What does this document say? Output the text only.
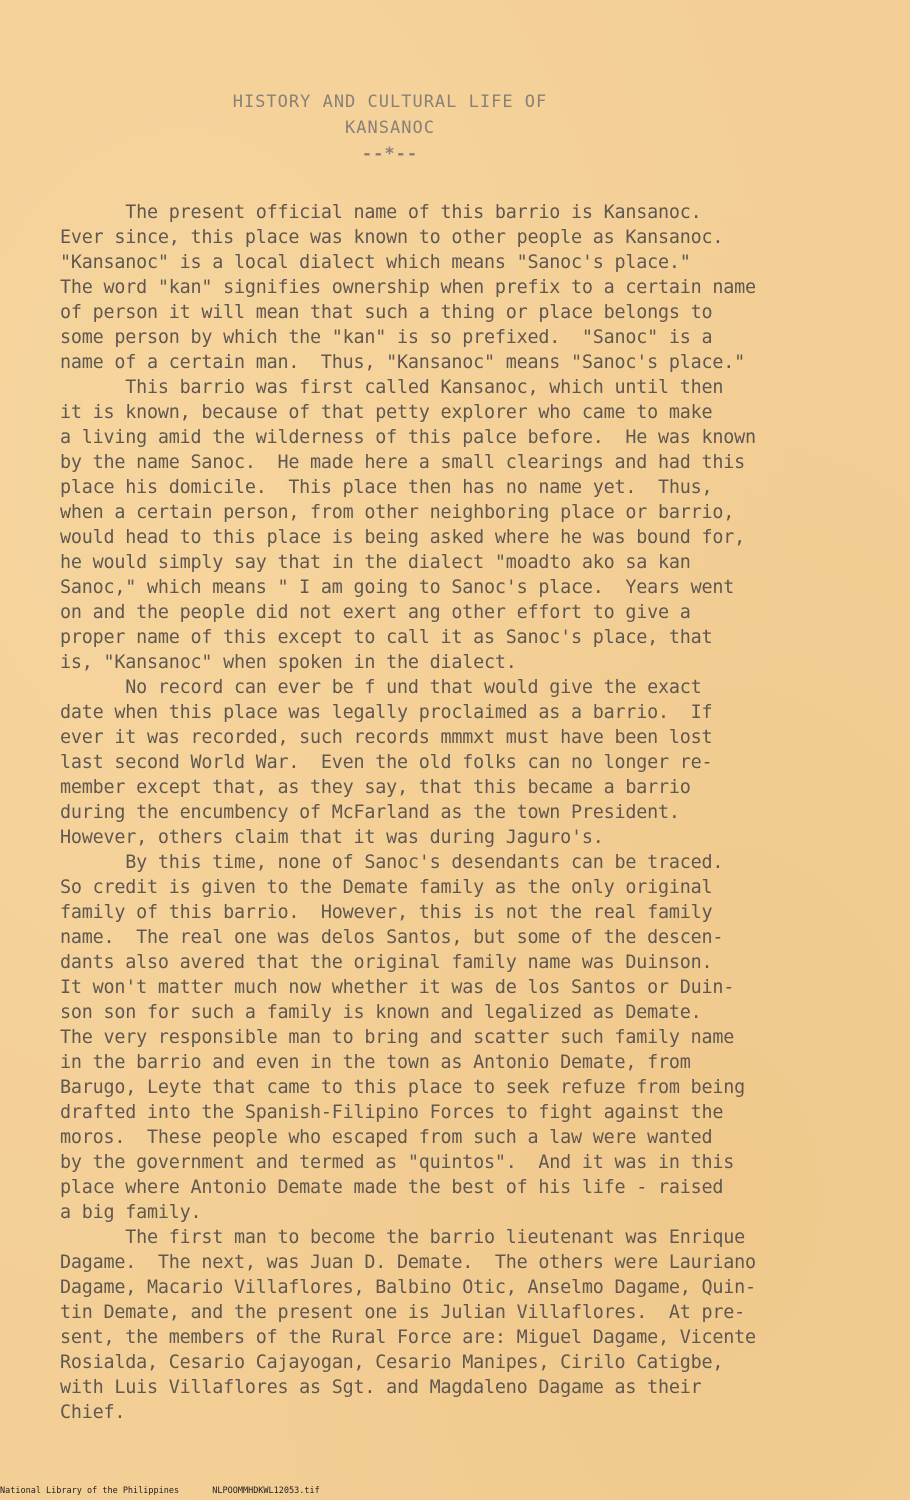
HISTORY AND CULTURAL LIFE OF
KANSANOC
--*--
The present official name of this barrio is Kansanoc.
Ever since, this place was known to other people as Kansanoc.
"Kansanoc" is a local dialect which means "Sanoc's place."
The word "kan" signifies ownership when prefix to a certain name
of person it will mean that such a thing or place belongs to
some person by which the "kan" is so prefixed.  "Sanoc" is a
name of a certain man.  Thus, "Kansanoc" means "Sanoc's place."
This barrio was first called Kansanoc, which until then
it is known, because of that petty explorer who came to make
a living amid the wilderness of this palce before.  He was known
by the name Sanoc.  He made here a small clearings and had this
place his domicile.  This place then has no name yet.  Thus,
when a certain person, from other neighboring place or barrio,
would head to this place is being asked where he was bound for,
he would simply say that in the dialect "moadto ako sa kan
Sanoc," which means " I am going to Sanoc's place.  Years went
on and the people did not exert ang other effort to give a
proper name of this except to call it as Sanoc's place, that
is, "Kansanoc" when spoken in the dialect.
No record can ever be f und that would give the exact
date when this place was legally proclaimed as a barrio.  If
ever it was recorded, such records mmmxt must have been lost
last second World War.  Even the old folks can no longer re-
member except that, as they say, that this became a barrio
during the encumbency of McFarland as the town President.
However, others claim that it was during Jaguro's.
By this time, none of Sanoc's desendants can be traced.
So credit is given to the Demate family as the only original
family of this barrio.  However, this is not the real family
name.  The real one was delos Santos, but some of the descen-
dants also avered that the original family name was Duinson.
It won't matter much now whether it was de los Santos or Duin-
son son for such a family is known and legalized as Demate.
The very responsible man to bring and scatter such family name
in the barrio and even in the town as Antonio Demate, from
Barugo, Leyte that came to this place to seek refuze from being
drafted into the Spanish-Filipino Forces to fight against the
moros.  These people who escaped from such a law were wanted
by the government and termed as "quintos".  And it was in this
place where Antonio Demate made the best of his life - raised
a big family.
The first man to become the barrio lieutenant was Enrique
Dagame.  The next, was Juan D. Demate.  The others were Lauriano
Dagame, Macario Villaflores, Balbino Otic, Anselmo Dagame, Quin-
tin Demate, and the present one is Julian Villaflores.  At pre-
sent, the members of the Rural Force are: Miguel Dagame, Vicente
Rosialda, Cesario Cajayogan, Cesario Manipes, Cirilo Catigbe,
with Luis Villaflores as Sgt. and Magdaleno Dagame as their
Chief.
National Library of the Philippines	NLPOOMMHDKWL12053.tif
